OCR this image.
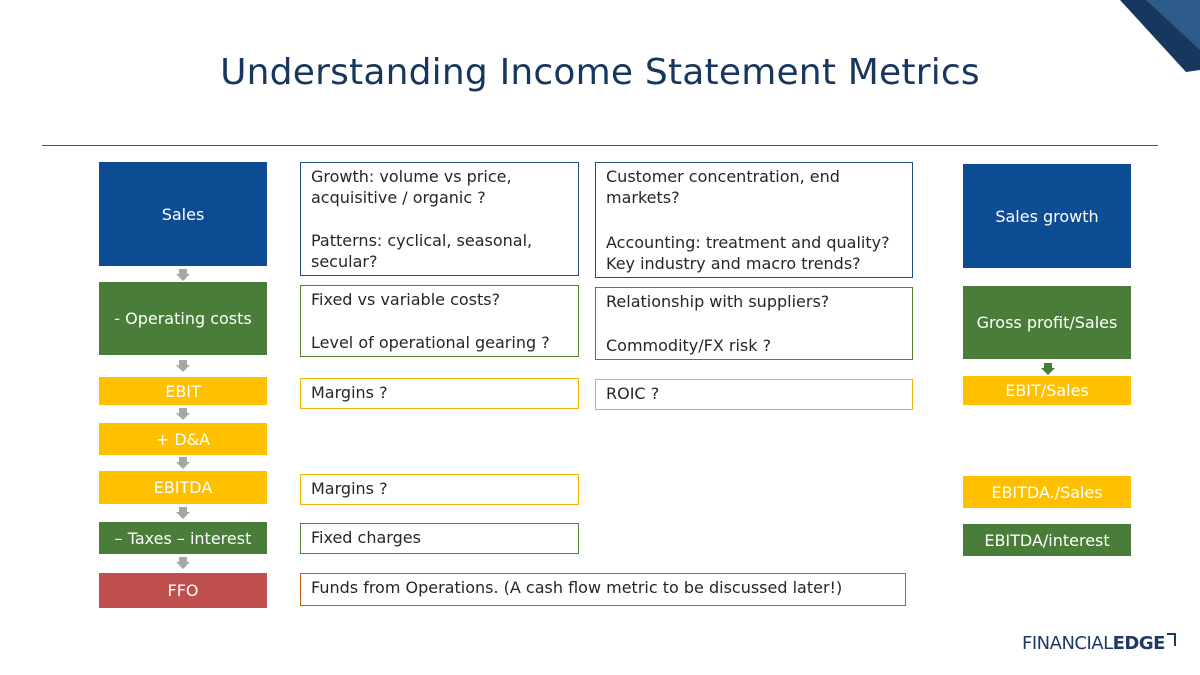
Understanding Income Statement Metrics
Sales
- Operating costs
EBIT
+ D&A
EBITDA
– Taxes – interest
FFO

Growth: volume vs price, acquisitive / organic ?

Patterns: cyclical, seasonal, secular?

Fixed vs variable costs?

Level of operational gearing ?

Margins ?

Margins ?

Fixed charges

Funds from Operations. (A cash flow metric to be discussed later!)

Customer concentration, end markets?

Accounting: treatment and quality? Key industry and macro trends?

Relationship with suppliers?

Commodity/FX risk ?

ROIC ?

Sales growth
Gross profit/Sales
EBIT/Sales
EBITDA./Sales
EBITDA/interest
FINANCIALEDGE
